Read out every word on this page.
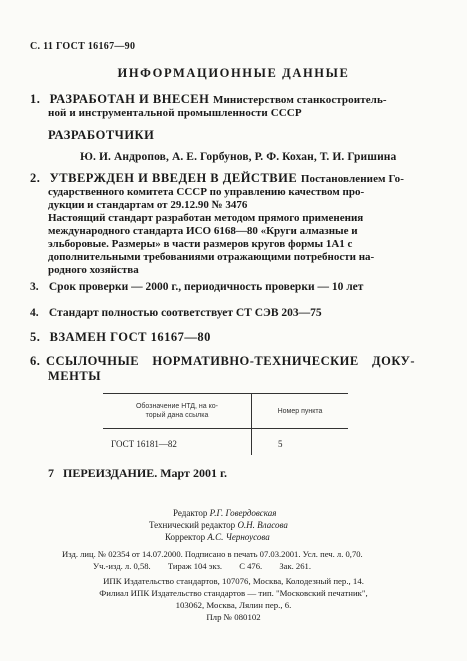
С. 11 ГОСТ 16167—90
ИНФОРМАЦИОННЫЕ ДАННЫЕ
1. РАЗРАБОТАН И ВНЕСЕН Министерством станкостроитель-
ной и инструментальной промышленности СССР
РАЗРАБОТЧИКИ
Ю. И. Андропов, А. Е. Горбунов, Р. Ф. Кохан, Т. И. Гришина
2. УТВЕРЖДЕН И ВВЕДЕН В ДЕЙСТВИЕ Постановлением Го-
сударственного комитета СССР по управлению качеством про-
дукции и стандартам от 29.12.90 № 3476
Настоящий стандарт разработан методом прямого применения
международного стандарта ИСО 6168—80 «Круги алмазные и
эльборовые. Размеры» в части размеров кругов формы 1А1 с
дополнительными требованиями отражающими потребности на-
родного хозяйства
3. Срок проверки — 2000 г., периодичность проверки — 10 лет
4. Стандарт полностью соответствует СТ СЭВ 203—75
5. ВЗАМЕН ГОСТ 16167—80
6. ССЫЛОЧНЫЕ НОРМАТИВНО-ТЕХНИЧЕСКИЕ ДОКУ-
МЕНТЫ
Обозначение НТД, на ко-
торый дана ссылка	Номер пункта
ГОСТ 16181—82	5
7 ПЕРЕИЗДАНИЕ. Март 2001 г.
Редактор Р.Г. Говердовская
Технический редактор О.Н. Власова
Корректор А.С. Черноусова
Изд. лиц. № 02354 от 14.07.2000. Подписано в печать 07.03.2001. Усл. печ. л. 0,70.
Уч.-изд. л. 0,58.        Тираж 104 экз.        С 476.        Зак. 261.
ИПК Издательство стандартов, 107076, Москва, Колодезный пер., 14.
Филиал ИПК Издательство стандартов — тип. "Московский печатник",
103062, Москва, Лялин пер., 6.
Плр № 080102
